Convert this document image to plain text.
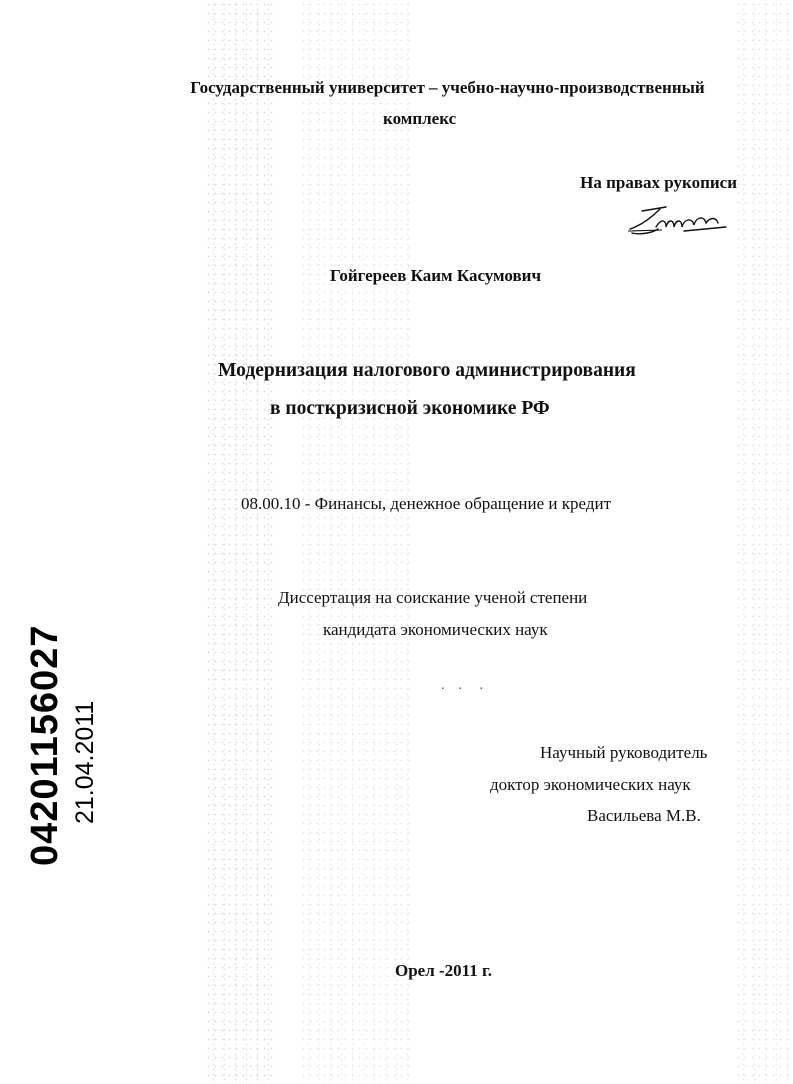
Государственный университет – учебно-научно-производственный
комплекс
На правах рукописи
Гойгереев Каим Касумович
Модернизация налогового администрирования
в посткризисной экономике РФ
08.00.10 - Финансы, денежное обращение и кредит
Диссертация на соискание ученой степени
кандидата экономических наук
.    .     .
Научный руководитель
доктор экономических наук
Васильева М.В.
Орел -2011 г.
04201156027 21.04.2011
